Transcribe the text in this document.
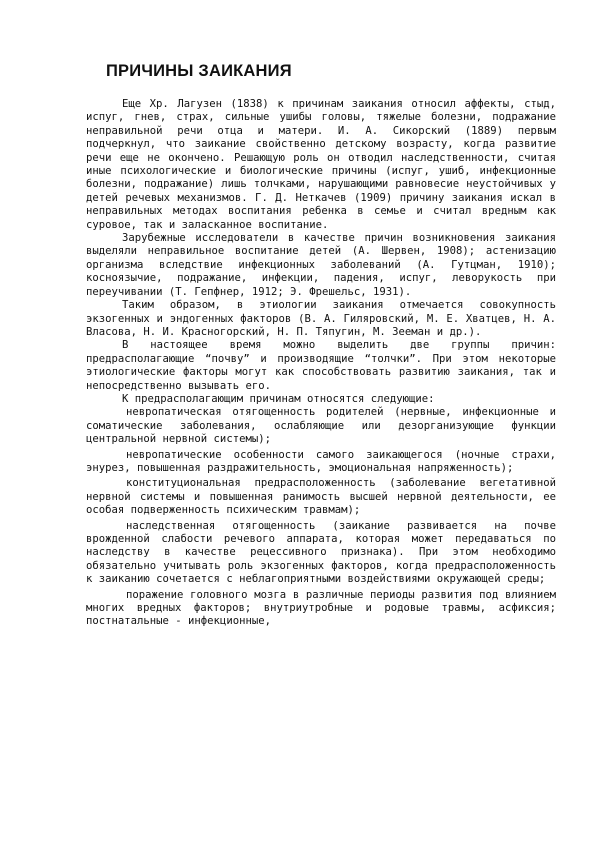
ПРИЧИНЫ ЗАИКАНИЯ

Еще Хр. Лагузен (1838) к причинам заикания относил аффекты, стыд, испуг, гнев, страх, сильные ушибы головы, тяжелые болезни, подражание неправильной речи отца и матери. И. А. Сикорский (1889) первым подчеркнул, что заикание свойственно детскому возрасту, когда развитие речи еще не окончено. Решающую роль он отводил наследственности, считая иные психологические и биологические причины (испуг, ушиб, инфекционные болезни, подражание) лишь толчками, нарушающими равновесие неустойчивых у детей речевых механизмов. Г. Д. Неткачев (1909) причину заикания искал в неправильных методах воспитания ребенка в семье и считал вредным как суровое, так и заласканное воспитание.

Зарубежные исследователи в качестве причин возникновения заикания выделяли неправильное воспитание детей (А. Шервен, 1908); астенизацию организма вследствие инфекционных заболеваний (А. Гутцман, 1910); косноязычие, подражание, инфекции, падения, испуг, леворукость при переучивании (Т. Гепфнер, 1912; Э. Фрешельс, 1931).

Таким образом, в этиологии заикания отмечается совокупность экзогенных и эндогенных факторов (В. А. Гиляровский, М. Е. Хватцев, Н. А. Власова, Н. И. Красногорский, Н. П. Тяпугин, М. Зееман и др.).

В настоящее время можно выделить две группы причин: предрасполагающие “почву” и производящие “толчки”. При этом некоторые этиологические факторы могут как способствовать развитию заикания, так и непосредственно вызывать его.

К предрасполагающим причинам относятся следующие:

невропатическая отягощенность родителей (нервные, инфекционные и соматические заболевания, ослабляющие или дезорганизующие функции центральной нервной системы);

невропатические особенности самого заикающегося (ночные страхи, энурез, повышенная раздражительность, эмоциональная напряженность);

конституциональная предрасположенность (заболевание вегетативной нервной системы и повышенная ранимость высшей нервной деятельности, ее особая подверженность психическим травмам);

наследственная отягощенность (заикание развивается на почве врожденной слабости речевого аппарата, которая может передаваться по наследству в качестве рецессивного признака). При этом необходимо обязательно учитывать роль экзогенных факторов, когда предрасположенность к заиканию сочетается с неблагоприятными воздействиями окружающей среды;

поражение головного мозга в различные периоды развития под влиянием многих вредных факторов; внутриутробные и родовые травмы, асфиксия; постнатальные - инфекционные,
